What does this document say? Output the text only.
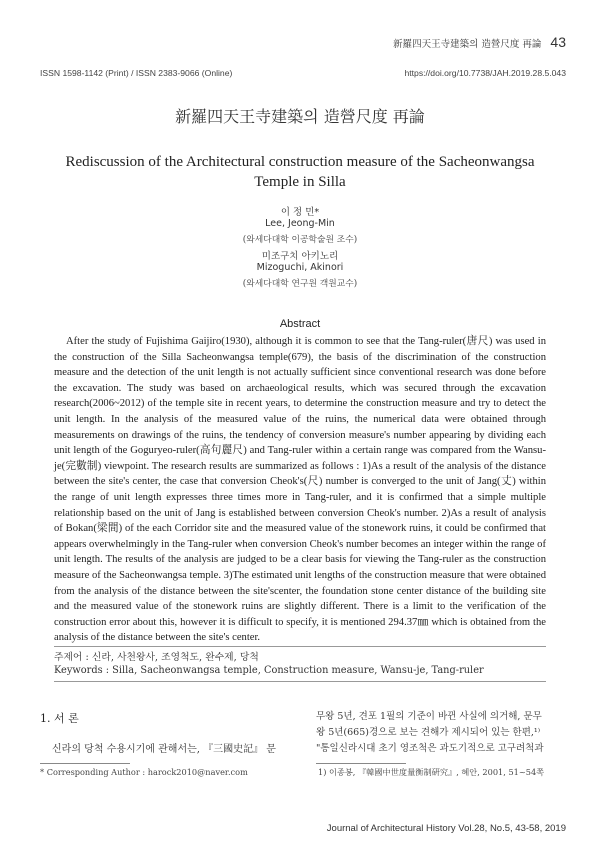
新羅四天王寺建築의 造營尺度 再論 43
ISSN 1598-1142 (Print) / ISSN 2383-9066 (Online)	https://doi.org/10.7738/JAH.2019.28.5.043
新羅四天王寺建築의 造營尺度 再論
Rediscussion of the Architectural construction measure of the Sacheonwangsa Temple in Silla
이 정 민*
Lee, Jeong-Min
(와세다대학 이공학술원 조수)
미조구치 아키노리
Mizoguchi, Akinori
(와세다대학 연구원 객원교수)
Abstract

After the study of Fujishima Gaijiro(1930), although it is common to see that the Tang-ruler(唐尺) was used in the construction of the Silla Sacheonwangsa temple(679), the basis of the discrimination of the construction measure and the detection of the unit length is not actually sufficient since conventional research was done before the excavation. The study was based on archaeological results, which was secured through the excavation research(2006~2012) of the temple site in recent years, to determine the construction measure and try to detect the unit length. In the analysis of the measured value of the ruins, the numerical data were obtained through measurements on drawings of the ruins, the tendency of conversion measure's number appearing by dividing each unit length of the Goguryeo-ruler(高句麗尺) and Tang-ruler within a certain range was compared from the Wansu-je(完數制) viewpoint. The research results are summarized as follows : 1)As a result of the analysis of the distance between the site's center, the case that conversion Cheok's(尺) number is converged to the unit of Jang(丈) within the range of unit length expresses three times more in Tang-ruler, and it is confirmed that a simple multiple relationship based on the unit of Jang is established between conversion Cheok's number. 2)As a result of analysis of Bokan(梁間) of the each Corridor site and the measured value of the stonework ruins, it could be confirmed that appears overwhelmingly in the Tang-ruler when conversion Cheok's number becomes an integer within the range of unit length. The results of the analysis are judged to be a clear basis for viewing the Tang-ruler as the construction measure of the Sacheonwangsa temple. 3)The estimated unit lengths of the construction measure that were obtained from the analysis of the distance between the site'scenter, the foundation stone center distance of the building site and the measured value of the stonework ruins are slightly different. There is a limit to the verification of the construction error about this, however it is difficult to specify, it is mentioned 294.37㎜ which is obtained from the analysis of the distance between the site's center.

주제어 : 신라, 사천왕사, 조영척도, 완수제, 당척
Keywords : Silla, Sacheonwangsa temple, Construction measure, Wansu-je, Tang-ruler
1. 서 론
신라의 당척 수용시기에 관해서는, 『三國史記』 문
무왕 5년, 견포 1필의 기준이 바뀐 사실에 의거해, 문무
왕 5년(665)경으로 보는 견해가 제시되어 있는 한편,¹⁾
"통일신라시대 초기 영조척은 과도기적으로 고구려척과
* Corresponding Author : harock2010@naver.com	1) 이종봉, 『韓國中世度量衡制硏究』, 혜안, 2001, 51~54쪽
Journal of Architectural History Vol.28, No.5, 43-58, 2019
